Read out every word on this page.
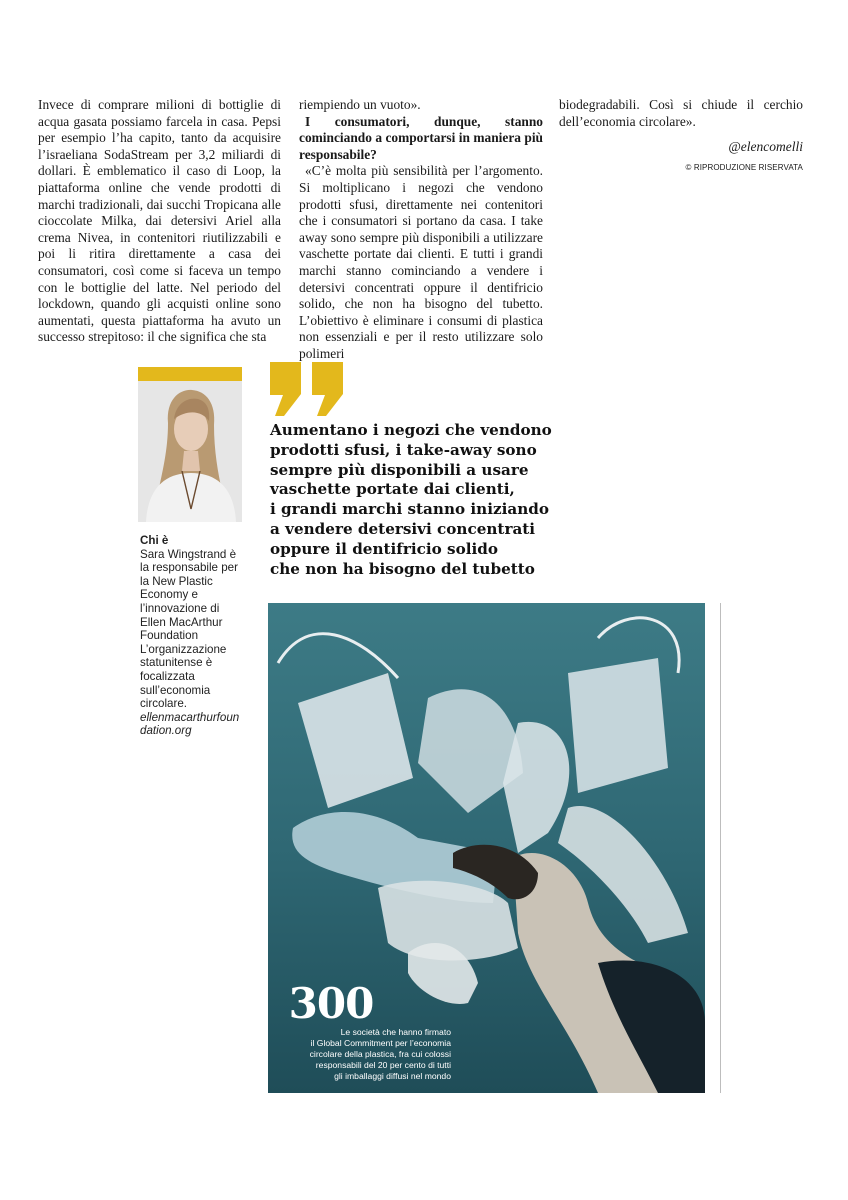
Invece di comprare milioni di bottiglie di acqua gasata possiamo farcela in casa. Pepsi per esempio l’ha capito, tanto da acquisire l’israeliana SodaStream per 3,2 miliardi di dollari. È emblematico il caso di Loop, la piattaforma online che vende prodotti di marchi tradizionali, dai succhi Tropicana alle cioccolate Milka, dai detersivi Ariel alla crema Nivea, in contenitori riutilizzabili e poi li ritira direttamente a casa dei consumatori, così come si faceva un tempo con le bottiglie del latte. Nel periodo del lockdown, quando gli acquisti online sono aumentati, questa piattaforma ha avuto un successo strepitoso: il che significa che sta

riempiendo un vuoto».

I consumatori, dunque, stanno cominciando a comportarsi in maniera più responsabile?

«C’è molta più sensibilità per l’argomento. Si moltiplicano i negozi che vendono prodotti sfusi, direttamente nei contenitori che i consumatori si portano da casa. I take away sono sempre più disponibili a utilizzare vaschette portate dai clienti. E tutti i grandi marchi stanno cominciando a vendere i detersivi concentrati oppure il dentifricio solido, che non ha bisogno del tubetto. L’obiettivo è eliminare i consumi di plastica non essenziali e per il resto utilizzare solo polimeri

biodegradabili. Così si chiude il cerchio dell’economia circolare».

@elencomelli
© RIPRODUZIONE RISERVATA
Chi è
Sara Wingstrand è la responsabile per la New Plastic Economy e l’innovazione di Ellen MacArthur Foundation L’organizzazione statunitense è focalizzata sull’economia circolare.
ellenmacarthurfoundation.org
Aumentano i negozi che vendono
prodotti sfusi, i take-away sono
sempre più disponibili a usare
vaschette portate dai clienti,
i grandi marchi stanno iniziando
a vendere detersivi concentrati
oppure il dentifricio solido
che non ha bisogno del tubetto
300
Le società che hanno firmato
il Global Commitment per l’economia
circolare della plastica, fra cui colossi
responsabili del 20 per cento di tutti
gli imballaggi diffusi nel mondo
